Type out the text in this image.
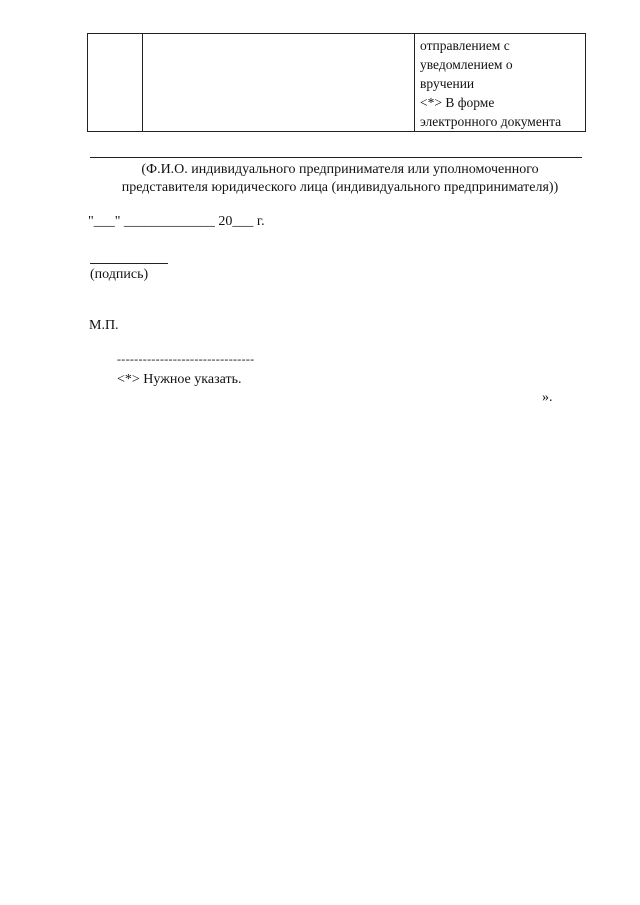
отправлением с
уведомлением о
вручении
<*> В форме
электронного документа
(Ф.И.О. индивидуального предпринимателя или уполномоченного
представителя юридического лица (индивидуального предпринимателя))
"___" _____________ 20___ г.
(подпись)
М.П.
--------------------------------
<*> Нужное указать.
».
